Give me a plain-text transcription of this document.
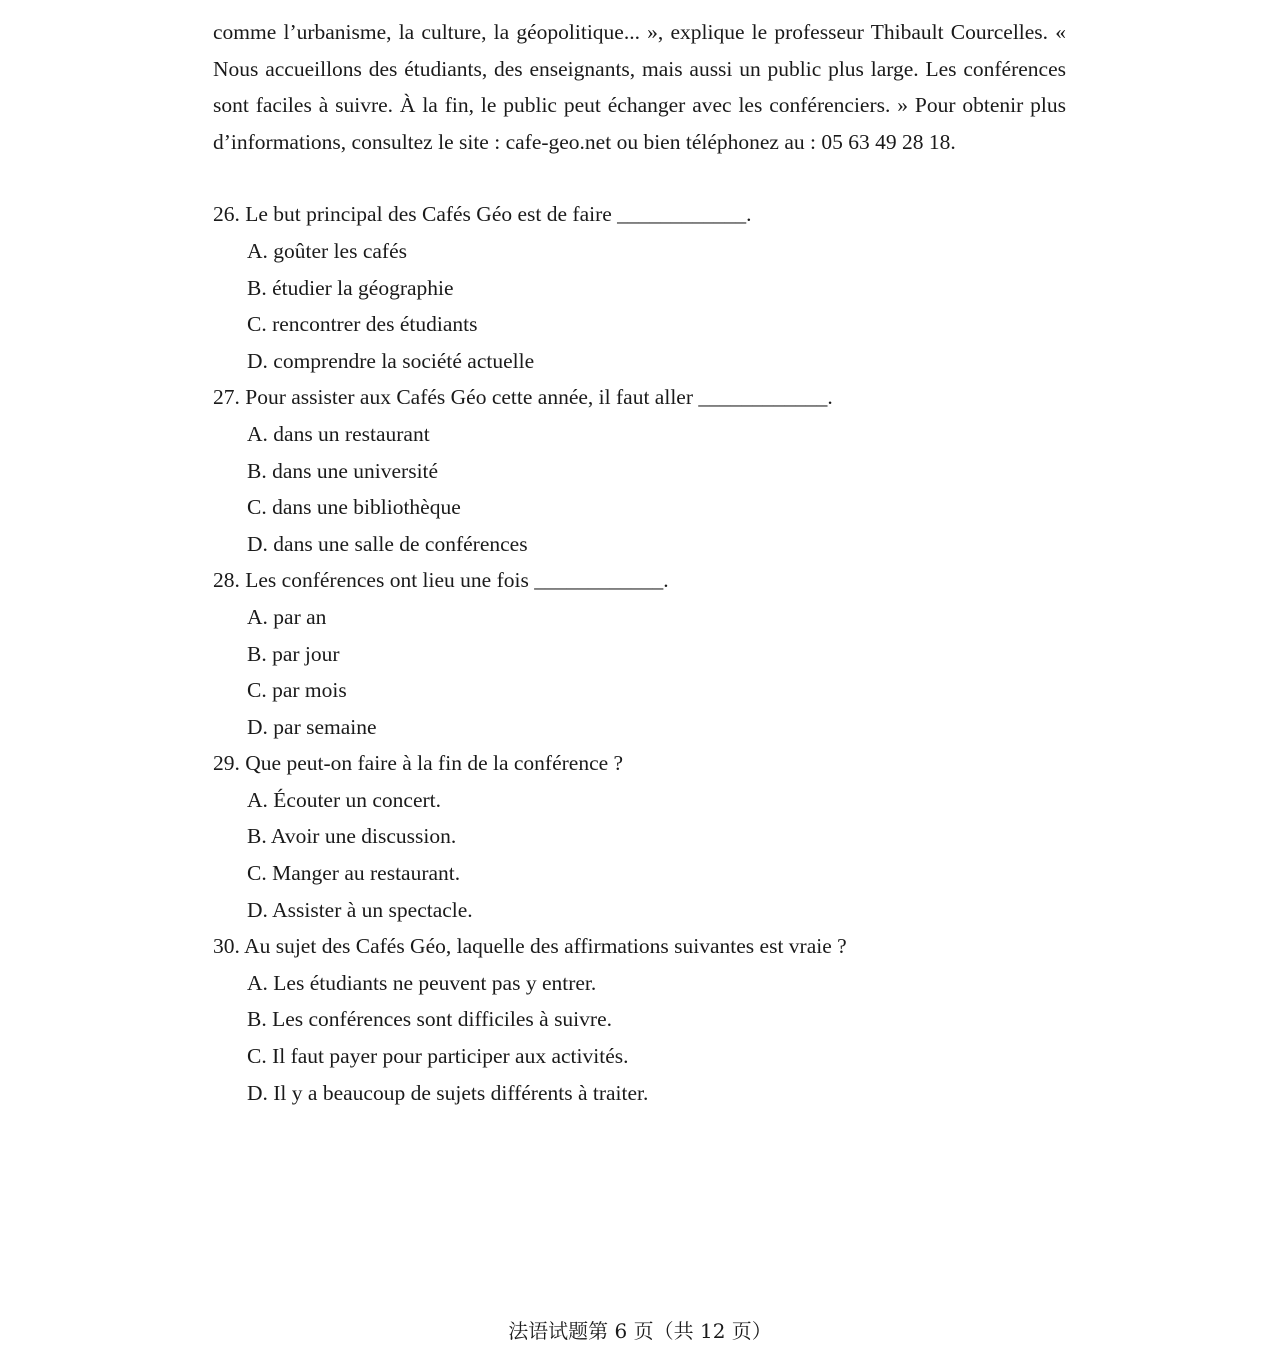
comme l’urbanisme, la culture, la géopolitique... », explique le professeur Thibault Courcelles. « Nous accueillons des étudiants, des enseignants, mais aussi un public plus large. Les conférences sont faciles à suivre. À la fin, le public peut échanger avec les conférenciers. » Pour obtenir plus d’informations, consultez le site : cafe-geo.net ou bien téléphonez au : 05 63 49 28 18.

26. Le but principal des Cafés Géo est de faire ____________.

A. goûter les cafés

B. étudier la géographie

C. rencontrer des étudiants

D. comprendre la société actuelle

27. Pour assister aux Cafés Géo cette année, il faut aller ____________.

A. dans un restaurant

B. dans une université

C. dans une bibliothèque

D. dans une salle de conférences

28. Les conférences ont lieu une fois ____________.

A. par an

B. par jour

C. par mois

D. par semaine

29. Que peut-on faire à la fin de la conférence ?

A. Écouter un concert.

B. Avoir une discussion.

C. Manger au restaurant.

D. Assister à un spectacle.

30. Au sujet des Cafés Géo, laquelle des affirmations suivantes est vraie ?

A. Les étudiants ne peuvent pas y entrer.

B. Les conférences sont difficiles à suivre.

C. Il faut payer pour participer aux activités.

D. Il y a beaucoup de sujets différents à traiter.

法语试题第 6 页（共 12 页）
